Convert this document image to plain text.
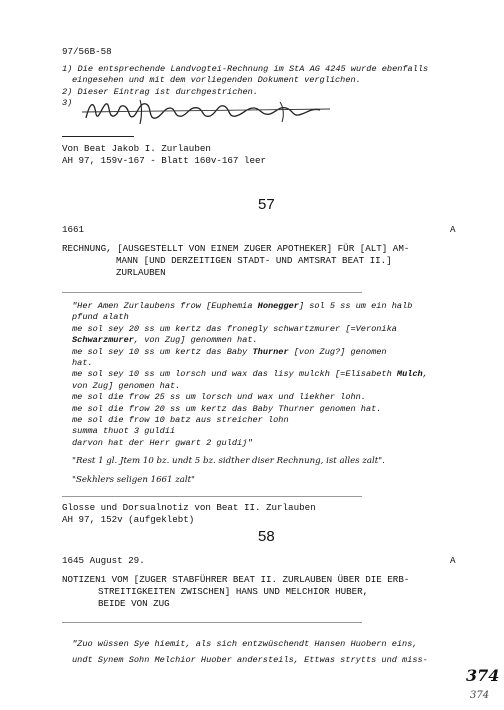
97/56B-58
1) Die entsprechende Landvogtei-Rechnung im StA AG 4245 wurde ebenfalls
eingesehen und mit dem vorliegenden Dokument verglichen.
2) Dieser Eintrag ist durchgestrichen.
3)
Von Beat Jakob I. Zurlauben
AH 97, 159v-167 - Blatt 160v-167 leer
57
1661	A
RECHNUNG, [AUSGESTELLT VON EINEM ZUGER APOTHEKER] FÜR [ALT] AM-
MANN [UND DERZEITIGEN STADT- UND AMTSRAT BEAT II.]
ZURLAUBEN
"Her Amen Zurlaubens frow [Euphemia Honegger] sol 5 ss um ein halb
pfund alath
me sol sey 20 ss um kertz das fronegly schwartzmurer [=Veronika
Schwarzmurer, von Zug] genommen hat.
me sol sey 10 ss um kertz das Baby Thurner [von Zug?] genomen
hat.
me sol sey 10 ss um lorsch und wax das lisy mulckh [=Elisabeth Mulch,
von Zug] genomen hat.
me sol die frow 25 ss um lorsch und wax und liekher lohn.
me sol die frow 20 ss um kertz das Baby Thurner genomen hat.
me sol die frow 10 batz aus streicher lohn
summa thuot 3 guldii
darvon hat der Herr gwart 2 guldij"
"Rest 1 gl. Jtem 10 bz. undt 5 bz. sidther diser Rechnung, ist alles zalt".
"Sekhlers seligen 1661 zalt"
Glosse und Dorsualnotiz von Beat II. Zurlauben
AH 97, 152v (aufgeklebt)
58
1645 August 29.	A
NOTIZEN1 VOM [ZUGER STABFÜHRER BEAT II. ZURLAUBEN ÜBER DIE ERB-
STREITIGKEITEN ZWISCHEN] HANS UND MELCHIOR HUBER,
BEIDE VON ZUG
"Zuo wüssen Sye hiemit, als sich entzwüschendt Hansen Huobern eins,
undt Synem Sohn Melchior Huober andersteils, Ettwas strytts und miss-
374
374
